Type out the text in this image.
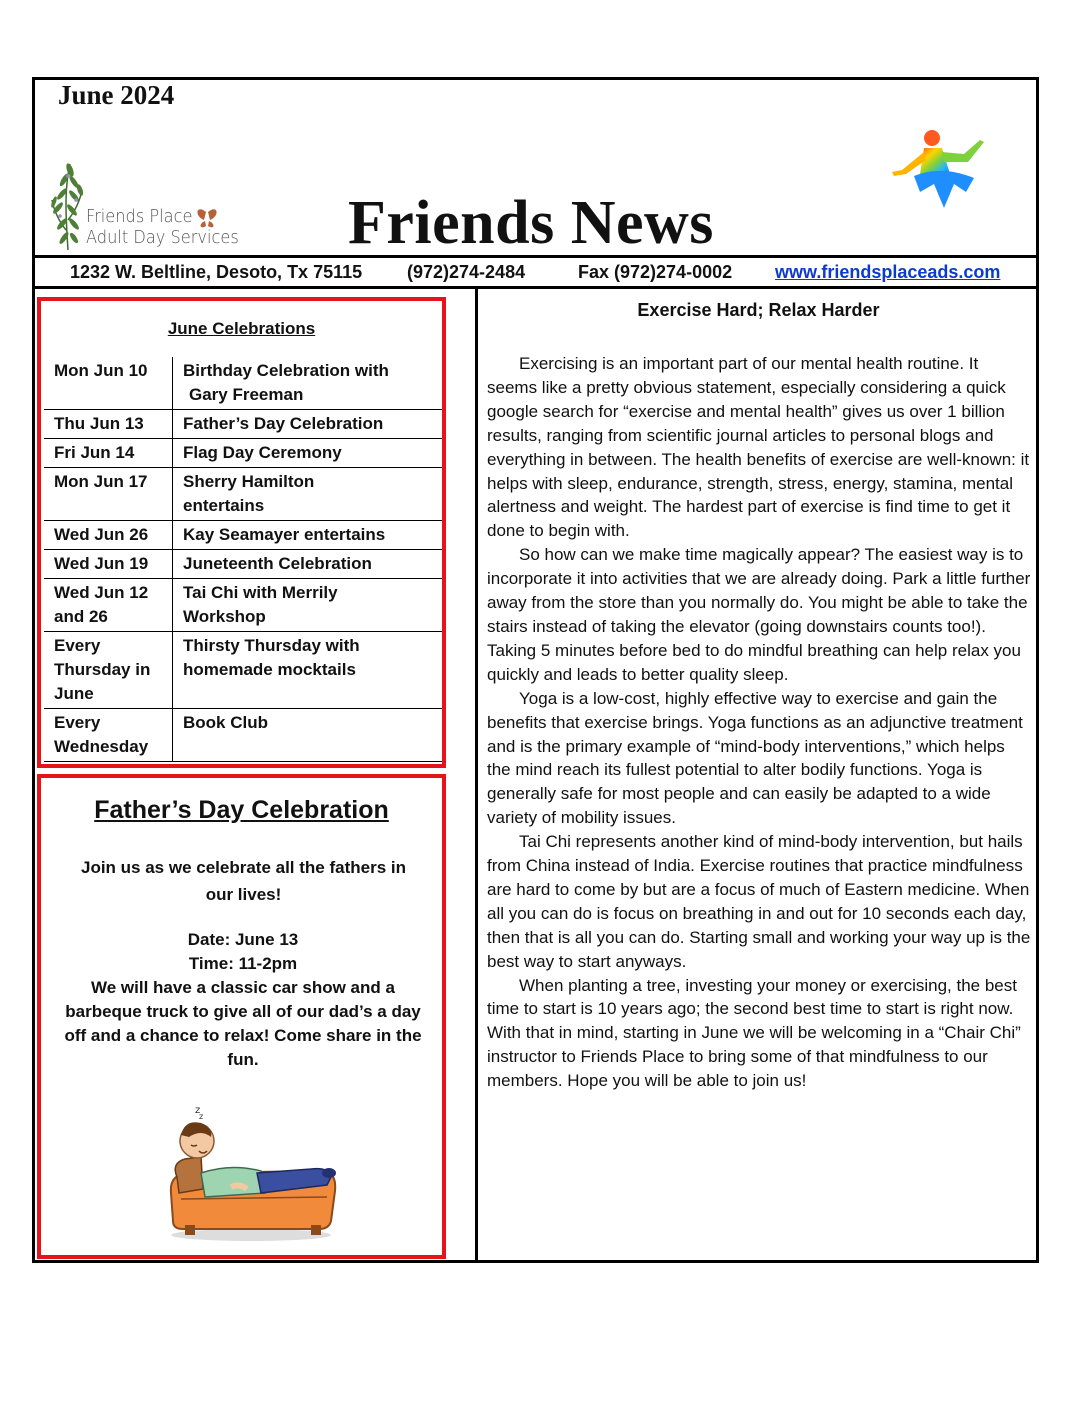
June 2024
Friends Place
Adult Day Services Friends News
1232 W. Beltline, Desoto, Tx 75115 (972)274-2484	Fax (972)274-0002 www.friendsplaceads.com
June Celebrations
Mon Jun 10	Birthday Celebration with
Gary Freeman

Thu Jun 13	Father’s Day Celebration

Fri Jun 14	Flag Day Ceremony

Mon Jun 17	Sherry Hamilton
entertains

Wed Jun 26	Kay Seamayer entertains

Wed Jun 19	Juneteenth Celebration

Wed Jun 12 and 26	Tai Chi with Merrily
Workshop

Every Thursday in June	Thirsty Thursday with
homemade mocktails

Every Wednesday	Book Club
Father’s Day Celebration
Join us as we celebrate all the fathers in our lives!
Date: June 13
Time: 11-2pm
We will have a classic car show and a barbeque truck to give all of our dad’s a day off and a chance to relax! Come share in the fun.
z
z
Exercise Hard; Relax Harder

Exercising is an important part of our mental health routine. It seems like a pretty obvious statement, especially considering a quick google search for “exercise and mental health” gives us over 1 billion results, ranging from scientific journal articles to personal blogs and everything in between. The health benefits of exercise are well-known: it helps with sleep, endurance, strength, stress, energy, stamina, mental alertness and weight. The hardest part of exercise is find time to get it done to begin with.

So how can we make time magically appear? The easiest way is to incorporate it into activities that we are already doing. Park a little further away from the store than you normally do. You might be able to take the stairs instead of taking the elevator (going downstairs counts too!). Taking 5 minutes before bed to do mindful breathing can help relax you quickly and leads to better quality sleep.

Yoga is a low-cost, highly effective way to exercise and gain the benefits that exercise brings. Yoga functions as an adjunctive treatment and is the primary example of “mind-body interventions,” which helps the mind reach its fullest potential to alter bodily functions. Yoga is generally safe for most people and can easily be adapted to a wide variety of mobility issues.

Tai Chi represents another kind of mind-body intervention, but hails from China instead of India. Exercise routines that practice mindfulness are hard to come by but are a focus of much of Eastern medicine. When all you can do is focus on breathing in and out for 10 seconds each day, then that is all you can do. Starting small and working your way up is the best way to start anyways.

When planting a tree, investing your money or exercising, the best time to start is 10 years ago; the second best time to start is right now. With that in mind, starting in June we will be welcoming in a “Chair Chi” instructor to Friends Place to bring some of that mindfulness to our members. Hope you will be able to join us!
